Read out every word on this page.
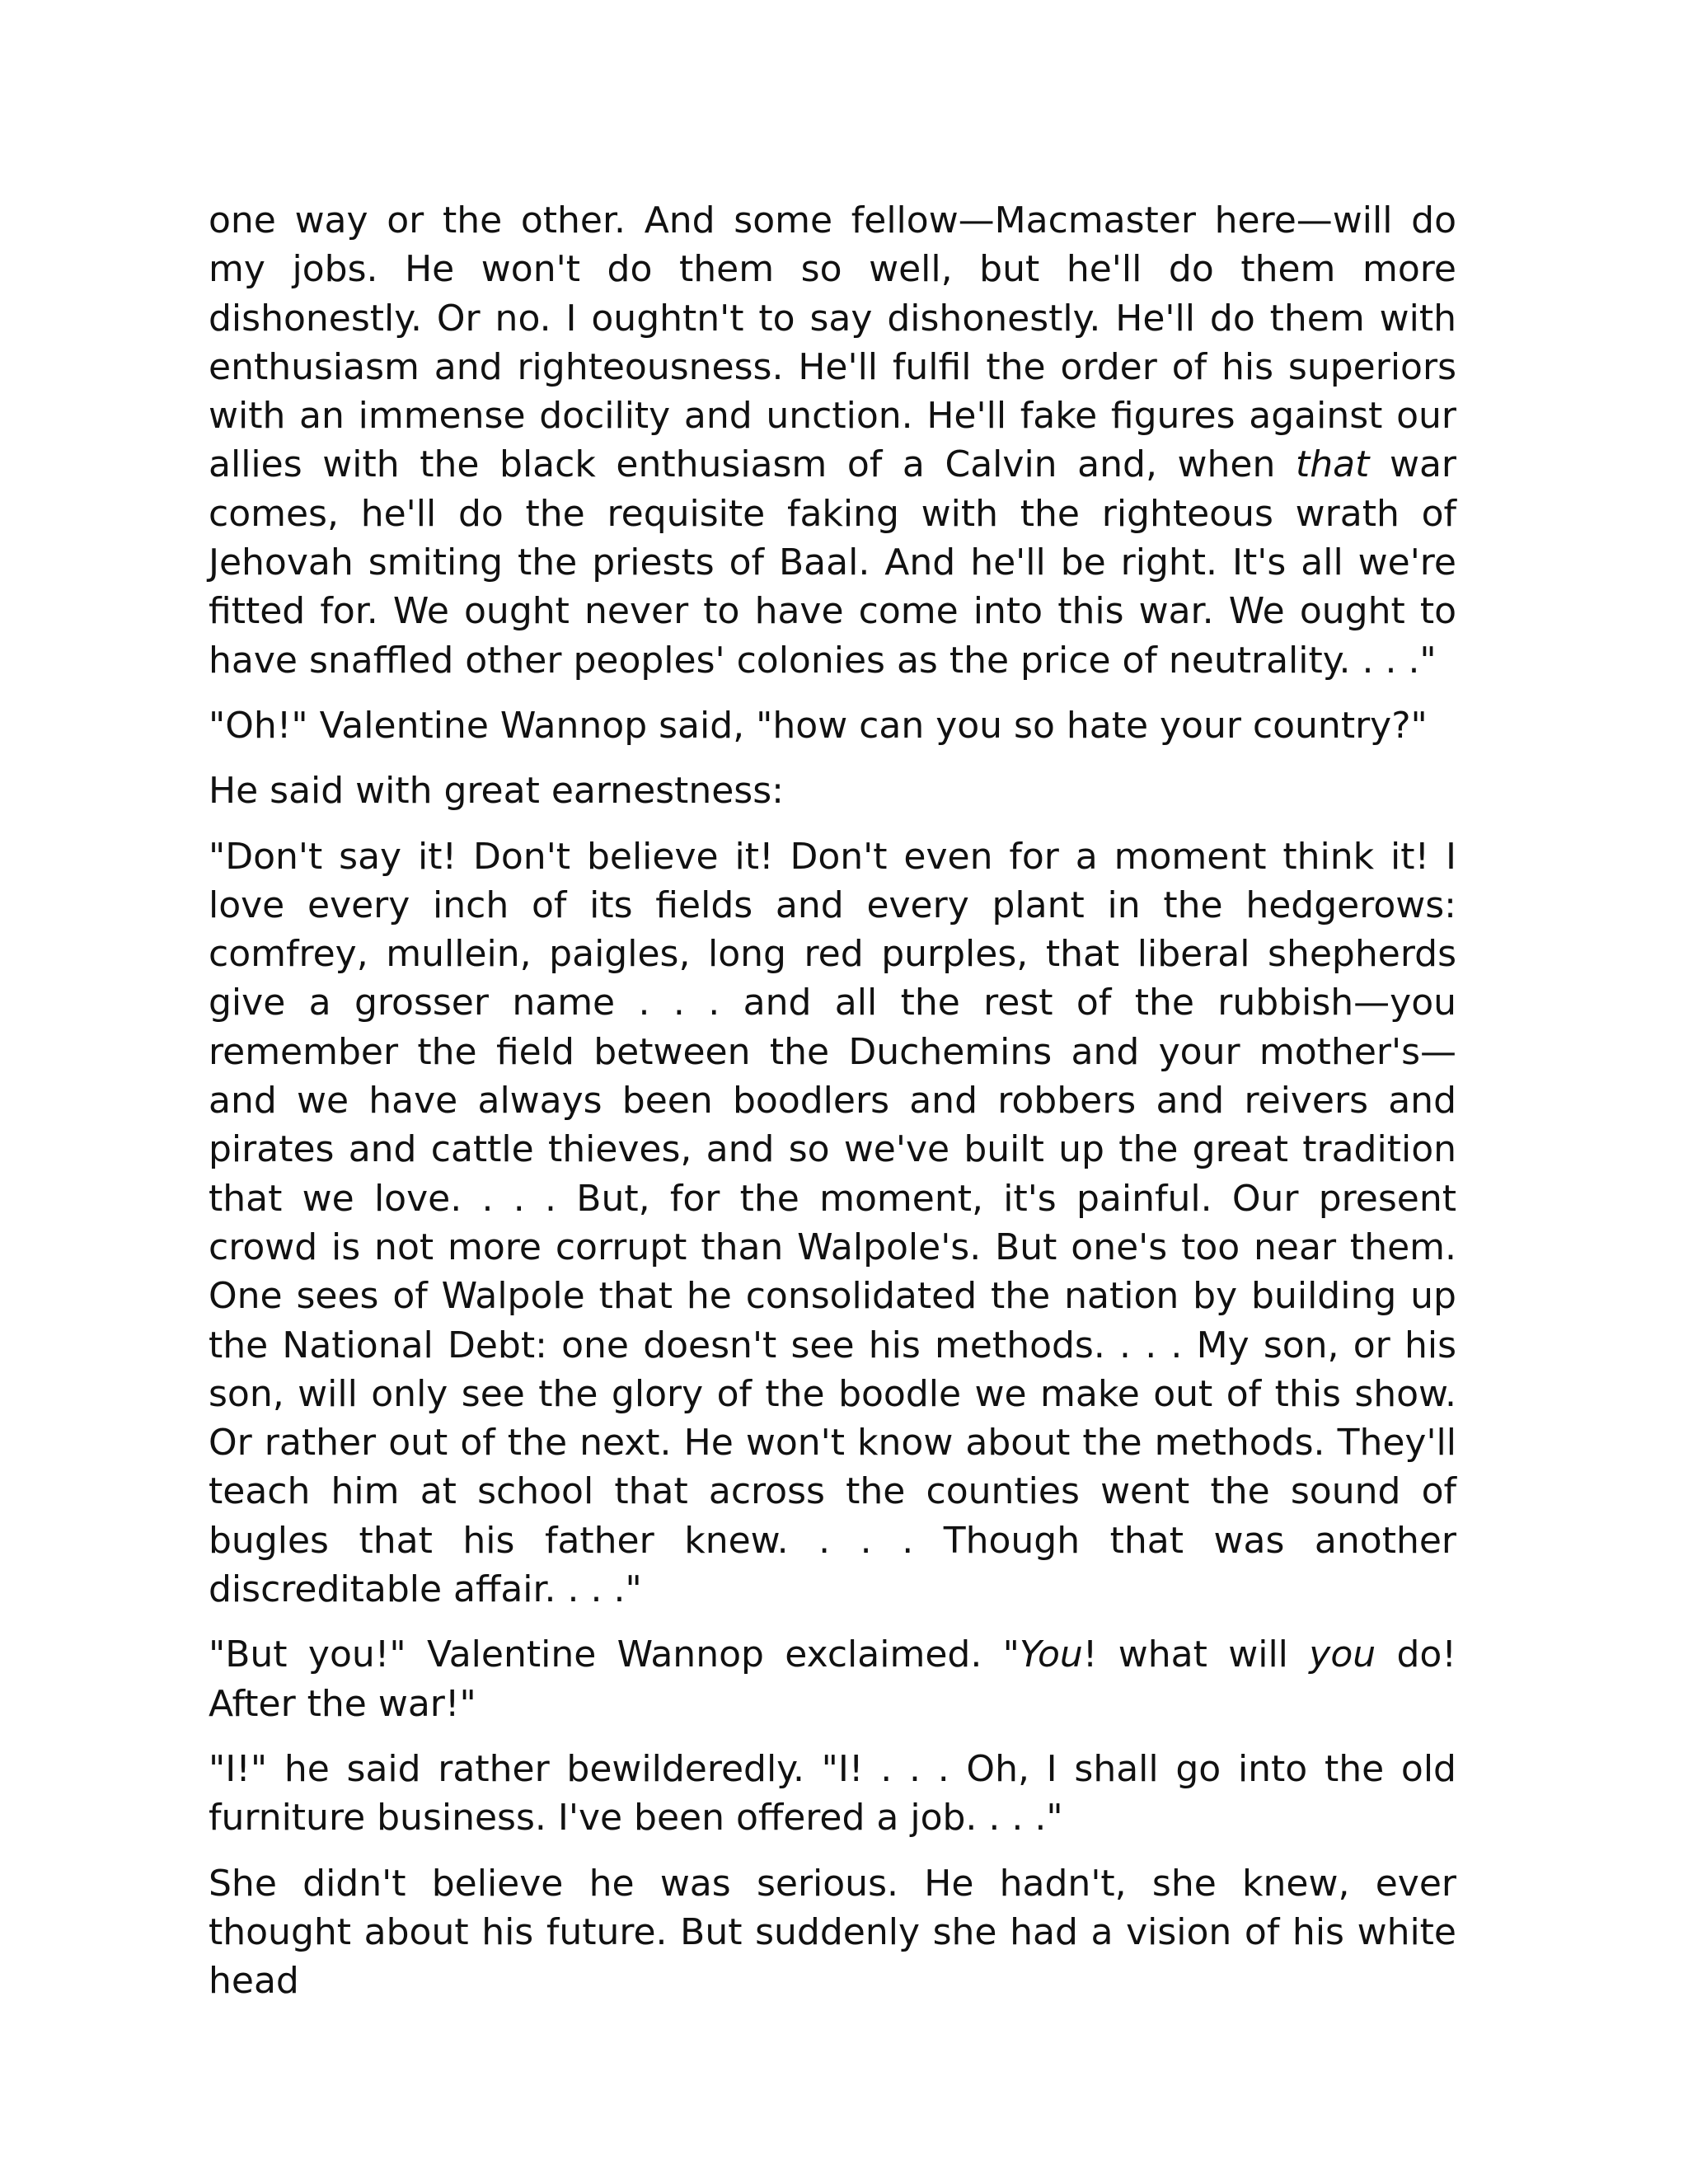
one way or the other. And some fellow—Macmaster here—will do my jobs. He won't do them so well, but he'll do them more dishonestly. Or no. I oughtn't to say dishonestly. He'll do them with enthusiasm and righteousness. He'll fulfil the order of his superiors with an immense docility and unction. He'll fake figures against our allies with the black enthusiasm of a Calvin and, when that war comes, he'll do the requisite faking with the righteous wrath of Jehovah smiting the priests of Baal. And he'll be right. It's all we're fitted for. We ought never to have come into this war. We ought to have snaffled other peoples' colonies as the price of neutrality. . . ."

"Oh!" Valentine Wannop said, "how can you so hate your country?"

He said with great earnestness:

"Don't say it! Don't believe it! Don't even for a moment think it! I love every inch of its fields and every plant in the hedgerows: comfrey, mullein, paigles, long red purples, that liberal shepherds give a grosser name . . . and all the rest of the rubbish—you remember the field between the Duchemins and your mother's—and we have always been boodlers and robbers and reivers and pirates and cattle thieves, and so we've built up the great tradition that we love. . . . But, for the moment, it's painful. Our present crowd is not more corrupt than Walpole's. But one's too near them. One sees of Walpole that he consolidated the nation by building up the National Debt: one doesn't see his methods. . . . My son, or his son, will only see the glory of the boodle we make out of this show. Or rather out of the next. He won't know about the methods. They'll teach him at school that across the counties went the sound of bugles that his father knew. . . . Though that was another discreditable affair. . . ."

"But you!" Valentine Wannop exclaimed. "You! what will you do! After the war!"

"I!" he said rather bewilderedly. "I! . . . Oh, I shall go into the old furniture business. I've been offered a job. . . ."

She didn't believe he was serious. He hadn't, she knew, ever thought about his future. But suddenly she had a vision of his white head
